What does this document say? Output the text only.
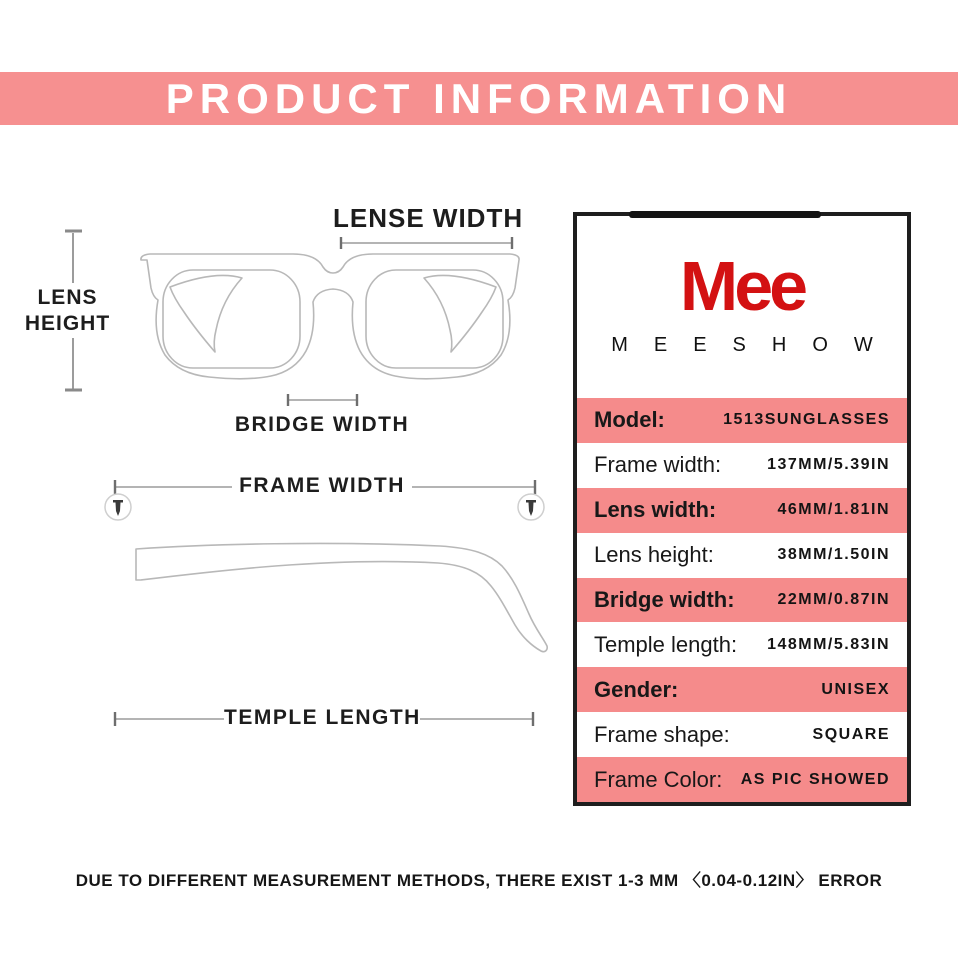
PRODUCT INFORMATION
LENSE WIDTH
LENS
HEIGHT
BRIDGE WIDTH
FRAME WIDTH
TEMPLE LENGTH
Mee
MEESHOW
Model:	1513SUNGLASSES
Frame width:	137MM/5.39IN
Lens width:	46MM/1.81IN
Lens height:	38MM/1.50IN
Bridge width:	22MM/0.87IN
Temple length: 148MM/5.83IN
Gender:	UNISEX
Frame shape:	SQUARE
Frame Color: AS PIC SHOWED
DUE TO DIFFERENT MEASUREMENT METHODS, THERE EXIST 1-3 MM 〈0.04-0.12IN〉 ERROR
